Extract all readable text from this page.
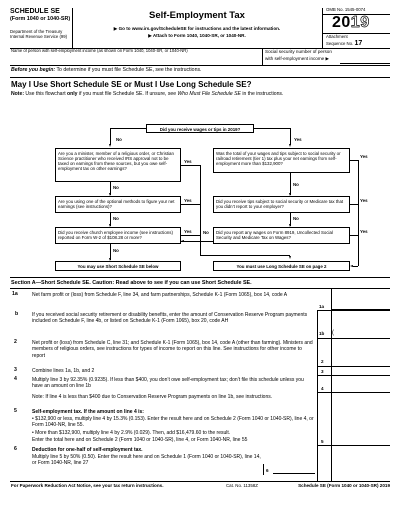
SCHEDULE SE
(Form 1040 or 1040-SR)
Department of the Treasury
Internal Revenue Service (99)
Self-Employment Tax
▶ Go to www.irs.gov/ScheduleSE for instructions and the latest information.
▶ Attach to Form 1040, 1040-SR, or 1040-NR.
OMB No. 1545-0074
2019
Attachment
Sequence No. 17
Name of person with self-employment income (as shown on Form 1040, 1040-SR, or 1040-NR)	Social security number of person
with self-employment income ▶
Before you begin: To determine if you must file Schedule SE, see the instructions.
May I Use Short Schedule SE or Must I Use Long Schedule SE?
Note: Use this flowchart only if you must file Schedule SE. If unsure, see Who Must File Schedule SE in the instructions.
Did you receive wages or tips in 2019?
No	Yes
Are you a minister, member of a religious order, or Christian Science practitioner who received IRS approval not to be taxed on earnings from these sources, but you owe self-employment tax on other earnings?
Are you using one of the optional methods to figure your net earnings (see instructions)?
Did you receive church employee income (see instructions) reported on Form W-2 of $108.28 or more?
You may use Short Schedule SE below
Was the total of your wages and tips subject to social security or railroad retirement (tier 1) tax plus your net earnings from self-employment more than $132,900?
Did you receive tips subject to social security or Medicare tax that you didn’t report to your employer?
Did you report any wages on Form 8919, Uncollected Social Security and Medicare Tax on Wages?
You must use Long Schedule SE on page 2
No
No
No
No
No
Yes
Yes
Yes
Yes
Yes
Yes
No
Section A—Short Schedule SE. Caution: Read above to see if you can use Short Schedule SE.
1a	Net farm profit or (loss) from Schedule F, line 34, and farm partnerships, Schedule K-1 (Form 1065), box 14, code A
1a
b	If you received social security retirement or disability benefits, enter the amount of Conservation Reserve Program payments included on Schedule F, line 4b, or listed on Schedule K-1 (Form 1065), box 20, code AH
1b (
2	Net profit or (loss) from Schedule C, line 31; and Schedule K-1 (Form 1065), box 14, code A (other than farming). Ministers and members of religious orders, see instructions for types of income to report on this line. See instructions for other income to report
2
3	Combine lines 1a, 1b, and 2	3
4	Multiply line 3 by 92.35% (0.9235). If less than $400, you don’t owe self-employment tax; don’t file this schedule unless you have an amount on line 1b	4
Note: If line 4 is less than $400 due to Conservation Reserve Program payments on line 1b, see instructions.
5	Self-employment tax. If the amount on line 4 is:
• $132,900 or less, multiply line 4 by 15.3% (0.153). Enter the result here and on Schedule 2 (Form 1040 or 1040-SR), line 4, or Form 1040-NR, line 55.
• More than $132,900, multiply line 4 by 2.9% (0.029). Then, add $16,479.60 to the result.
Enter the total here and on Schedule 2 (Form 1040 or 1040-SR), line 4, or Form 1040-NR, line 55	5
6	Deduction for one-half of self-employment tax.
Multiply line 5 by 50% (0.50). Enter the result here and on Schedule 1 (Form 1040 or 1040-SR), line 14, or Form 1040-NR, line 27
6
For Paperwork Reduction Act Notice, see your tax return instructions.	Cat. No. 11358Z	Schedule SE (Form 1040 or 1040-SR) 2019
